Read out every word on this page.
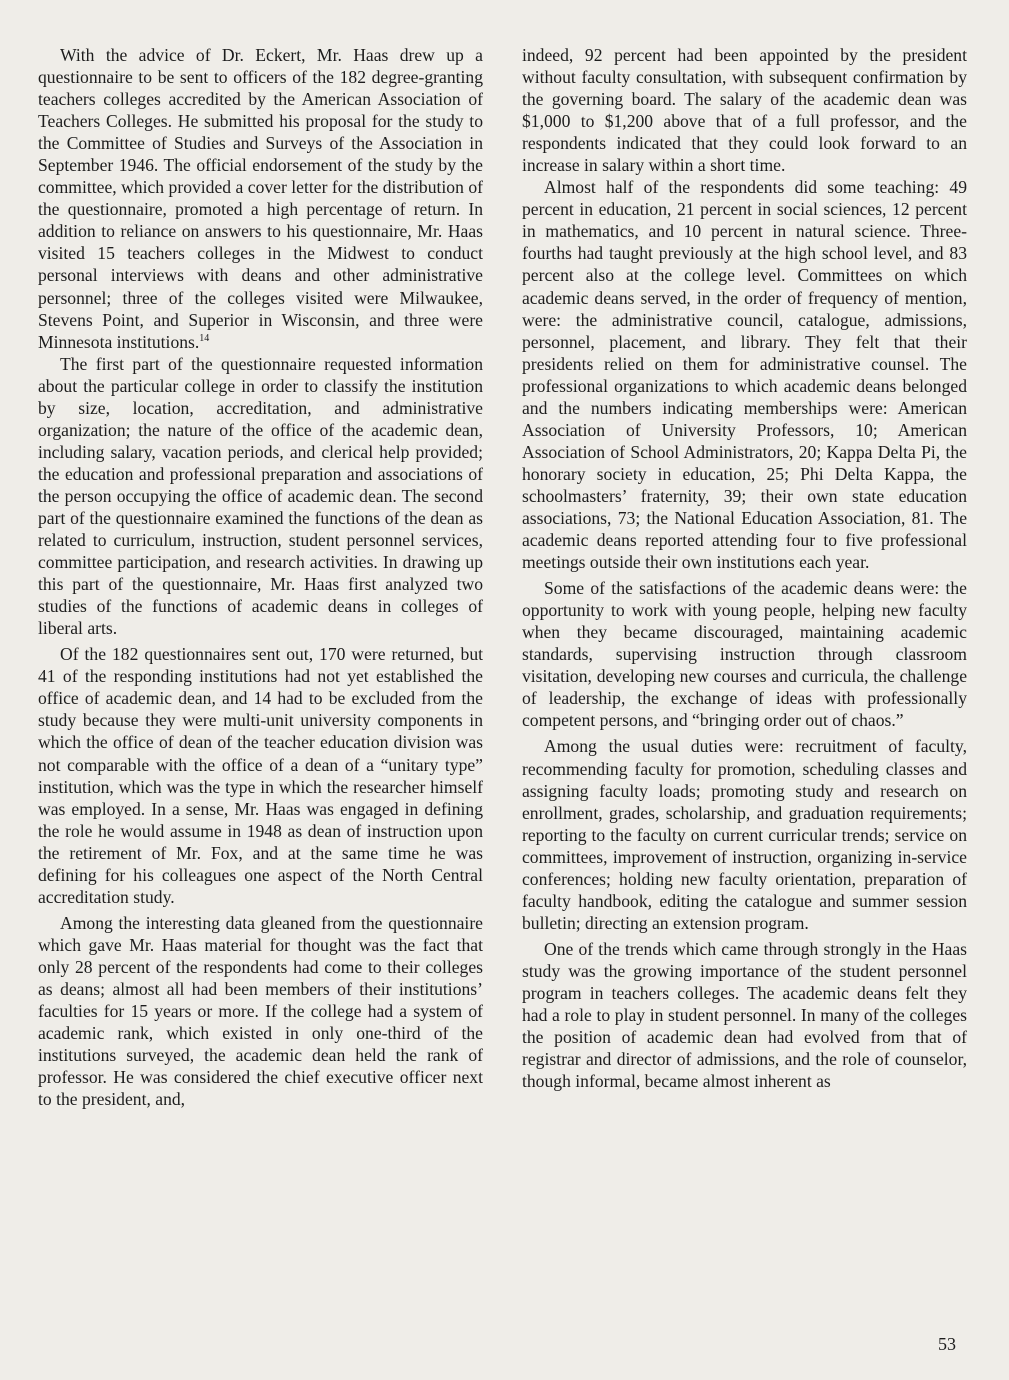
With the advice of Dr. Eckert, Mr. Haas drew up a questionnaire to be sent to officers of the 182 degree-granting teachers colleges accredited by the American Association of Teachers Colleges. He submitted his proposal for the study to the Committee of Studies and Surveys of the Association in September 1946. The official endorsement of the study by the committee, which provided a cover letter for the distribution of the questionnaire, promoted a high percentage of return. In addition to reliance on answers to his questionnaire, Mr. Haas visited 15 teachers colleges in the Midwest to conduct personal interviews with deans and other administrative personnel; three of the colleges visited were Milwaukee, Stevens Point, and Superior in Wisconsin, and three were Minnesota institutions.$^{14}$

The first part of the questionnaire requested information about the particular college in order to classify the institution by size, location, accreditation, and administrative organization; the nature of the office of the academic dean, including salary, vacation periods, and clerical help provided; the education and professional preparation and associations of the person occupying the office of academic dean. The second part of the questionnaire examined the functions of the dean as related to curriculum, instruction, student personnel services, committee participation, and research activities. In drawing up this part of the questionnaire, Mr. Haas first analyzed two studies of the functions of academic deans in colleges of liberal arts.

Of the 182 questionnaires sent out, 170 were returned, but 41 of the responding institutions had not yet established the office of academic dean, and 14 had to be excluded from the study because they were multi-unit university components in which the office of dean of the teacher education division was not comparable with the office of a dean of a “unitary type” institution, which was the type in which the researcher himself was employed. In a sense, Mr. Haas was engaged in defining the role he would assume in 1948 as dean of instruction upon the retirement of Mr. Fox, and at the same time he was defining for his colleagues one aspect of the North Central accreditation study.

Among the interesting data gleaned from the questionnaire which gave Mr. Haas material for thought was the fact that only 28 percent of the respondents had come to their colleges as deans; almost all had been members of their institutions’ faculties for 15 years or more. If the college had a system of academic rank, which existed in only one-third of the institutions surveyed, the academic dean held the rank of professor. He was considered the chief executive officer next to the president, and,

indeed, 92 percent had been appointed by the president without faculty consultation, with subsequent confirmation by the governing board. The salary of the academic dean was $1,000 to $1,200 above that of a full professor, and the respondents indicated that they could look forward to an increase in salary within a short time.

Almost half of the respondents did some teaching: 49 percent in education, 21 percent in social sciences, 12 percent in mathematics, and 10 percent in natural science. Three-fourths had taught previously at the high school level, and 83 percent also at the college level. Committees on which academic deans served, in the order of frequency of mention, were: the administrative council, catalogue, admissions, personnel, placement, and library. They felt that their presidents relied on them for administrative counsel. The professional organizations to which academic deans belonged and the numbers indicating memberships were: American Association of University Professors, 10; American Association of School Administrators, 20; Kappa Delta Pi, the honorary society in education, 25; Phi Delta Kappa, the schoolmasters’ fraternity, 39; their own state education associations, 73; the National Education Association, 81. The academic deans reported attending four to five professional meetings outside their own institutions each year.

Some of the satisfactions of the academic deans were: the opportunity to work with young people, helping new faculty when they became discouraged, maintaining academic standards, supervising instruction through classroom visitation, developing new courses and curricula, the challenge of leadership, the exchange of ideas with professionally competent persons, and “bringing order out of chaos.”

Among the usual duties were: recruitment of faculty, recommending faculty for promotion, scheduling classes and assigning faculty loads; promoting study and research on enrollment, grades, scholarship, and graduation requirements; reporting to the faculty on current curricular trends; service on committees, improvement of instruction, organizing in-service conferences; holding new faculty orientation, preparation of faculty handbook, editing the catalogue and summer session bulletin; directing an extension program.

One of the trends which came through strongly in the Haas study was the growing importance of the student personnel program in teachers colleges. The academic deans felt they had a role to play in student personnel. In many of the colleges the position of academic dean had evolved from that of registrar and director of admissions, and the role of counselor, though informal, became almost inherent as

53
